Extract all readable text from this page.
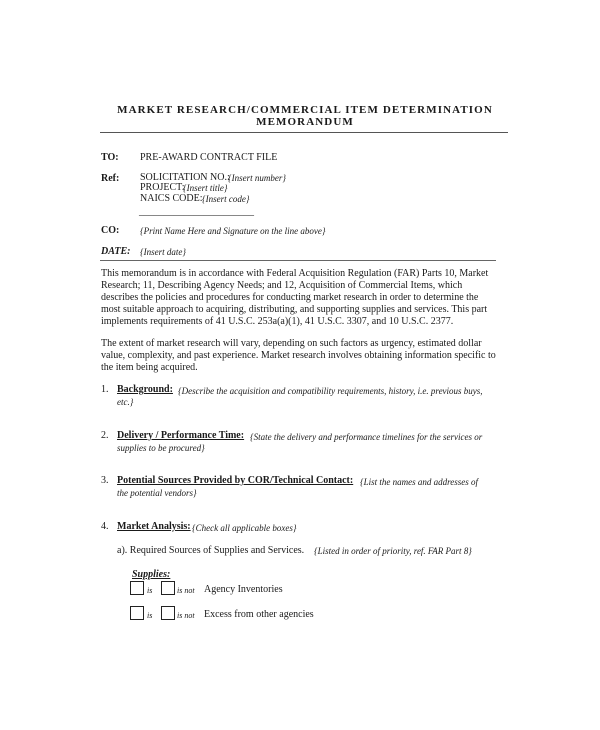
MARKET RESEARCH/COMMERCIAL ITEM DETERMINATION
MEMORANDUM
TO: PRE-AWARD CONTRACT FILE
Ref: SOLICITATION NO.:
{Insert number}
PROJECT:
{Insert title}
NAICS CODE: {Insert code}
_______________________
CO: {Print Name Here and Signature on the line above}
DATE: {Insert date}
This memorandum is in accordance with Federal Acquisition Regulation (FAR) Parts 10, Market Research; 11, Describing Agency Needs; and 12, Acquisition of Commercial Items, which describes the policies and procedures for conducting market research in order to determine the most suitable approach to acquiring, distributing, and supporting supplies and services. This part implements requirements of 41 U.S.C. 253a(a)(1), 41 U.S.C. 3307, and 10 U.S.C. 2377.
The extent of market research will vary, depending on such factors as urgency, estimated dollar value, complexity, and past experience. Market research involves obtaining information specific to the item being acquired.
1. Background: {Describe the acquisition and compatibility requirements, history, i.e. previous buys,
etc.}
2. Delivery / Performance Time: {State the delivery and performance timelines for the services or
supplies to be procured}
3. Potential Sources Provided by COR/Technical Contact: {List the names and addresses of
the potential vendors}
4. Market Analysis: {Check all applicable boxes}
a). Required Sources of Supplies and Services. {Listed in order of priority, ref. FAR Part 8}
Supplies:
is	is not Agency Inventories
is	is not Excess from other agencies
